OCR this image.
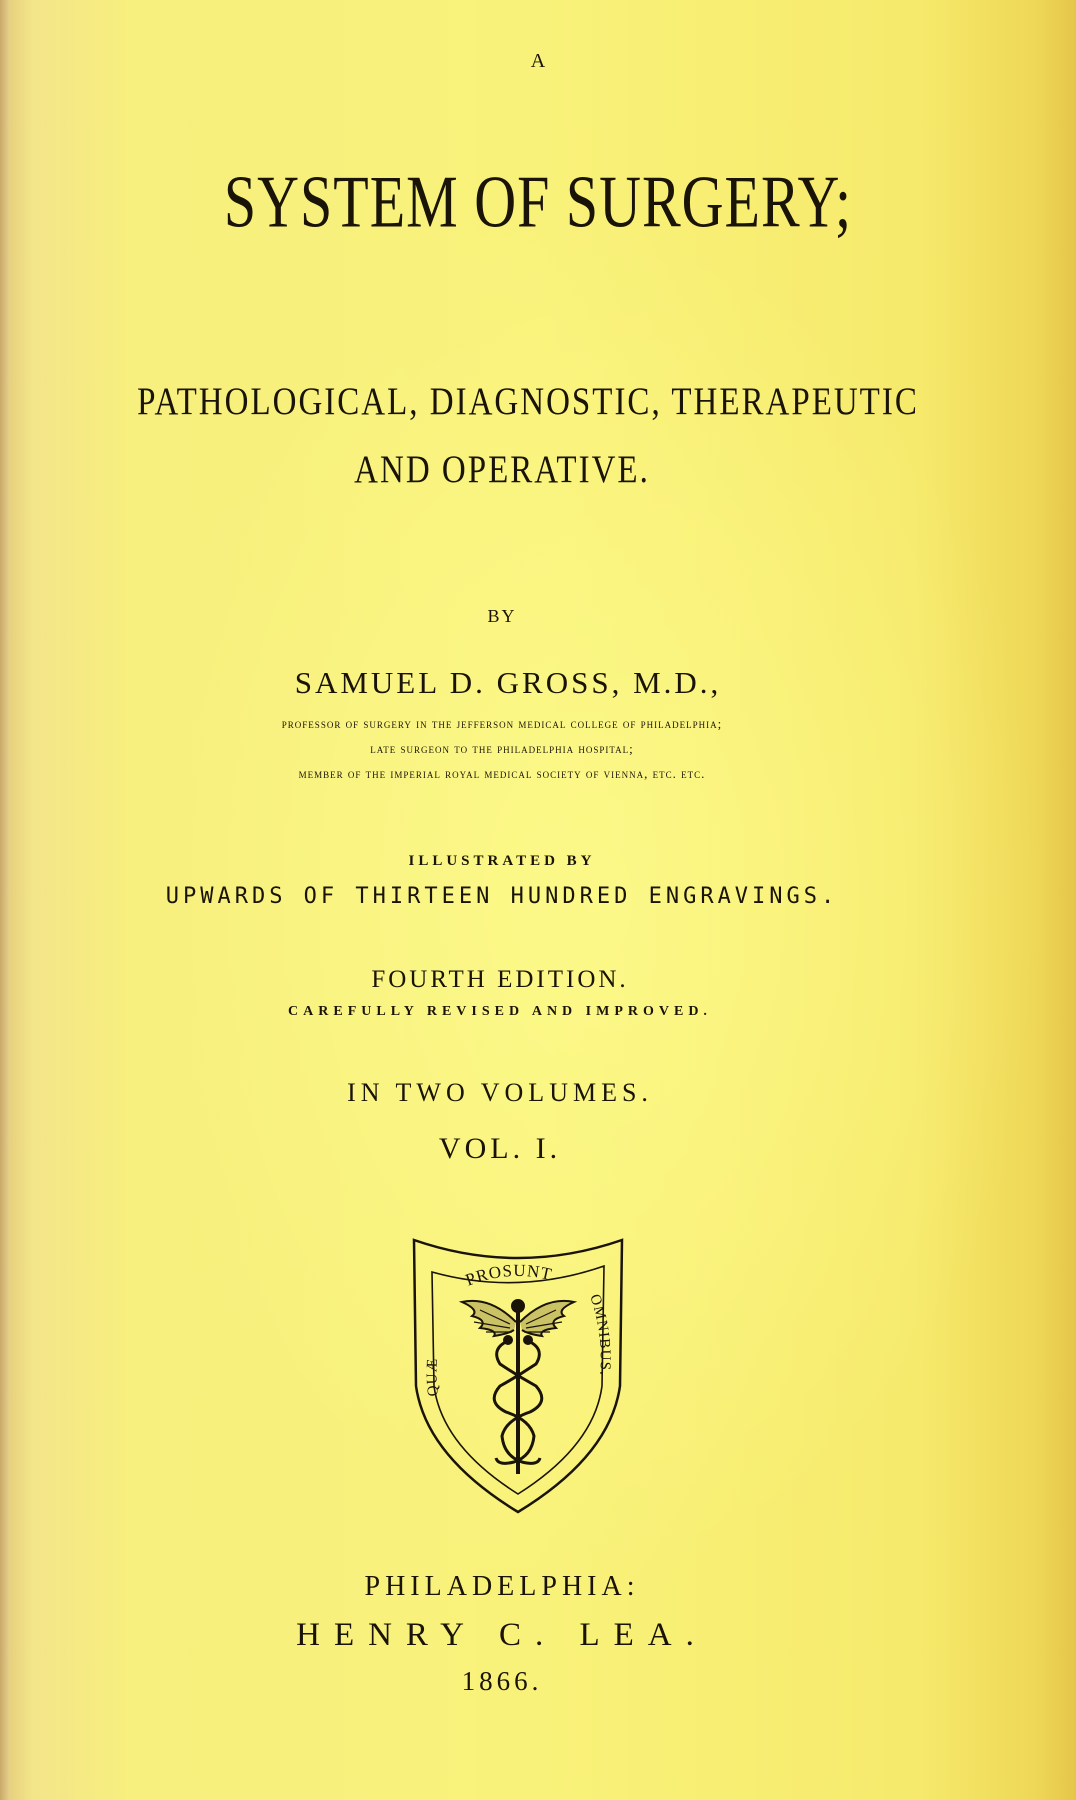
A
SYSTEM OF SURGERY;
PATHOLOGICAL, DIAGNOSTIC, THERAPEUTIC
AND OPERATIVE.
BY
SAMUEL D. GROSS, M.D.,
professor of surgery in the jefferson medical college of philadelphia;
late surgeon to the philadelphia hospital;
member of the imperial royal medical society of vienna, etc. etc.
ILLUSTRATED BY
UPWARDS OF THIRTEEN HUNDRED ENGRAVINGS.
FOURTH EDITION.
CAREFULLY REVISED AND IMPROVED.
IN TWO VOLUMES.
VOL. I.
PROSUNT
QUÆ
OMNIBUS.
PHILADELPHIA:
HENRY C. LEA.
1866.
